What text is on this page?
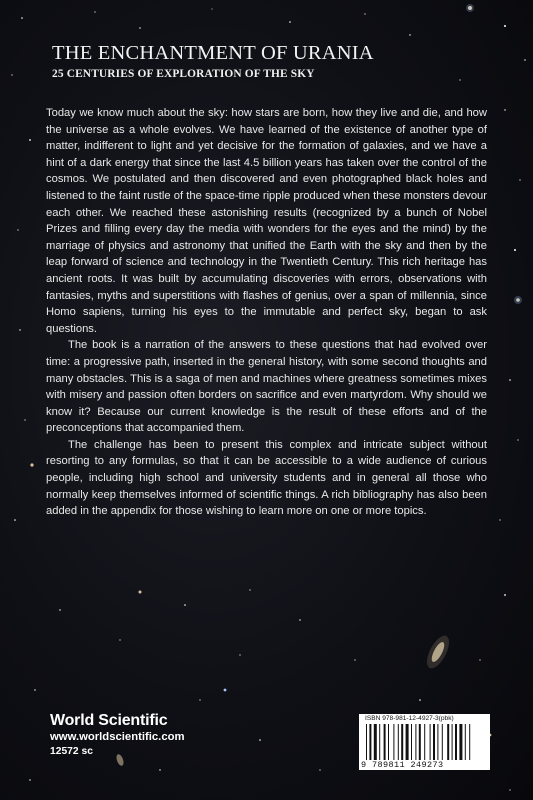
THE ENCHANTMENT OF URANIA
25 CENTURIES OF EXPLORATION OF THE SKY

Today we know much about the sky: how stars are born, how they live and die, and how the universe as a whole evolves. We have learned of the existence of another type of matter, indifferent to light and yet decisive for the formation of galaxies, and we have a hint of a dark energy that since the last 4.5 billion years has taken over the control of the cosmos. We postulated and then discovered and even photographed black holes and listened to the faint rustle of the space-time ripple produced when these monsters devour each other. We reached these astonishing results (recognized by a bunch of Nobel Prizes and filling every day the media with wonders for the eyes and the mind) by the marriage of physics and astronomy that unified the Earth with the sky and then by the leap forward of science and technology in the Twentieth Century. This rich heritage has ancient roots. It was built by accumulating discoveries with errors, observations with fantasies, myths and superstitions with flashes of genius, over a span of millennia, since Homo sapiens, turning his eyes to the immutable and perfect sky, began to ask questions.

The book is a narration of the answers to these questions that had evolved over time: a progressive path, inserted in the general history, with some second thoughts and many obstacles. This is a saga of men and machines where greatness sometimes mixes with misery and passion often borders on sacrifice and even martyrdom. Why should we know it? Because our current knowledge is the result of these efforts and of the preconceptions that accompanied them.

The challenge has been to present this complex and intricate subject without resorting to any formulas, so that it can be accessible to a wide audience of curious people, including high school and university students and in general all those who normally keep themselves informed of scientific things. A rich bibliography has also been added in the appendix for those wishing to learn more on one or more topics.

World Scientific
www.worldscientific.com
12572 sc
ISBN 978-981-12-4927-3(pbk)
9 789811 249273
